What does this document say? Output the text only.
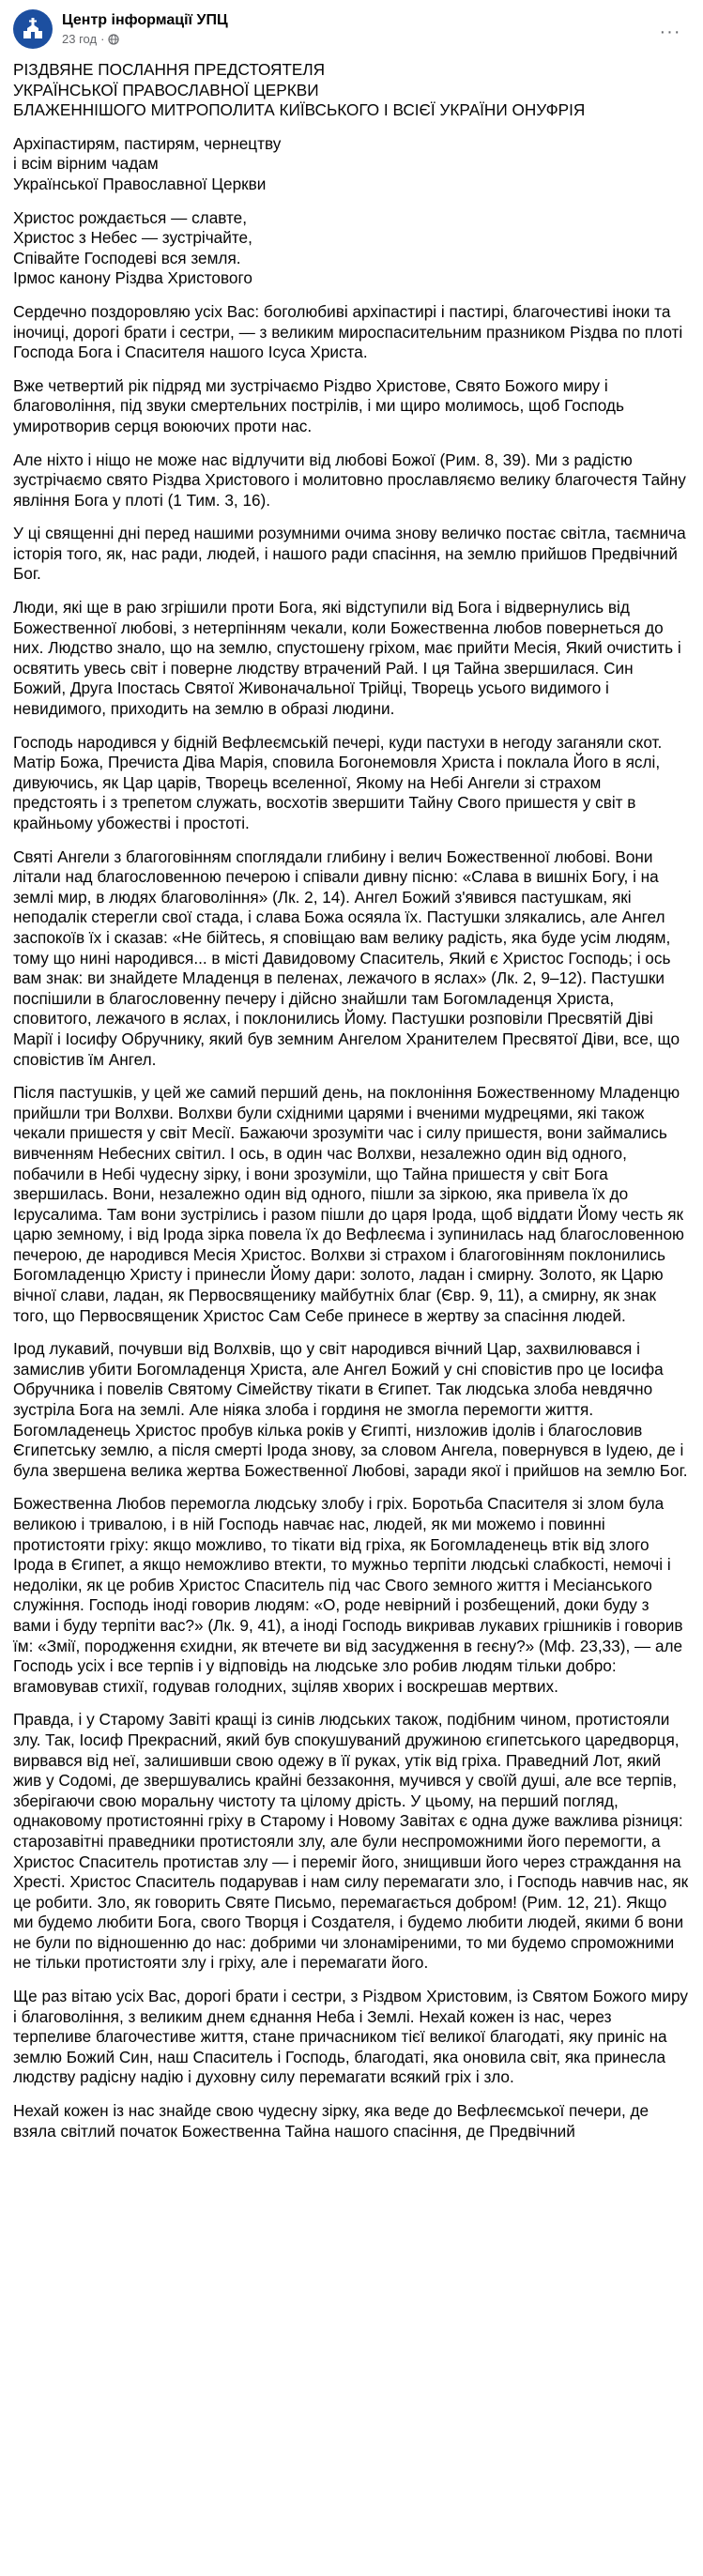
Центр інформації УПЦ
23 год ·	···

РІЗДВЯНЕ ПОСЛАННЯ ПРЕДСТОЯТЕЛЯ
УКРАЇНСЬКОЇ ПРАВОСЛАВНОЇ ЦЕРКВИ
БЛАЖЕННІШОГО МИТРОПОЛИТА КИЇВСЬКОГО І ВСІЄЇ УКРАЇНИ ОНУФРІЯ

Архіпастирям, пастирям, чернецтву
і всім вірним чадам
Української Православної Церкви

Христос рождається — славте,
Христос з Небес — зустрічайте,
Співайте Господеві вся земля.
Ірмос канону Різдва Христового

Сердечно поздоровляю усіх Вас: боголюбиві архіпастирі і пастирі, благочестиві іноки та іночиці, дорогі брати і сестри, — з великим мироспасительним празником Різдва по плоті Господа Бога і Спасителя нашого Ісуса Христа.

Вже четвертий рік підряд ми зустрічаємо Різдво Христове, Свято Божого миру і благовоління, під звуки смертельних пострілів, і ми щиро молимось, щоб Господь умиротворив серця воюючих проти нас.

Але ніхто і ніщо не може нас відлучити від любові Божої (Рим. 8, 39). Ми з радістю зустрічаємо свято Різдва Христового і молитовно прославляємо велику благочестя Тайну явління Бога у плоті (1 Тим. 3, 16).

У ці священні дні перед нашими розумними очима знову величко постає світла, таємнича історія того, як, нас ради, людей, і нашого ради спасіння, на землю прийшов Предвічний Бог.

Люди, які ще в раю згрішили проти Бога, які відступили від Бога і відвернулись від Божественної любові, з нетерпінням чекали, коли Божественна любов повернеться до них. Людство знало, що на землю, спустошену гріхом, має прийти Месія, Який очистить і освятить увесь світ і поверне людству втрачений Рай. І ця Тайна звершилася. Син Божий, Друга Іпостась Святої Живоначальної Трійці, Творець усього видимого і невидимого, приходить на землю в образі людини.

Господь народився у бідній Вефлеємській печері, куди пастухи в негоду заганяли скот. Матір Божа, Пречиста Діва Марія, сповила Богонемовля Христа і поклала Його в яслі, дивуючись, як Цар царів, Творець вселенної, Якому на Небі Ангели зі страхом предстоять і з трепетом служать, восхотів звершити Тайну Свого пришестя у світ в крайньому убожестві і простоті.

Святі Ангели з благоговінням споглядали глибину і велич Божественної любові. Вони літали над благословенною печерою і співали дивну пісню: «Слава в вишніх Богу, і на землі мир, в людях благовоління» (Лк. 2, 14). Ангел Божий з'явився пастушкам, які неподалік стерегли свої стада, і слава Божа осяяла їх. Пастушки злякались, але Ангел заспокоїв їх і сказав: «Не бійтесь, я сповіщаю вам велику радість, яка буде усім людям, тому що нині народився... в місті Давидовому Спаситель, Який є Христос Господь; і ось вам знак: ви знайдете Младенця в пеленах, лежачого в яслах» (Лк. 2, 9–12). Пастушки поспішили в благословенну печеру і дійсно знайшли там Богомладенця Христа, сповитого, лежачого в яслах, і поклонились Йому. Пастушки розповіли Пресвятій Діві Марії і Іосифу Обручнику, який був земним Ангелом Хранителем Пресвятої Діви, все, що сповістив їм Ангел.

Після пастушків, у цей же самий перший день, на поклоніння Божественному Младенцю прийшли три Волхви. Волхви були східними царями і вченими мудрецями, які також чекали пришестя у світ Месії. Бажаючи зрозуміти час і силу пришестя, вони займались вивченням Небесних світил. І ось, в один час Волхви, незалежно один від одного, побачили в Небі чудесну зірку, і вони зрозуміли, що Тайна пришестя у світ Бога звершилась. Вони, незалежно один від одного, пішли за зіркою, яка привела їх до Ієрусалима. Там вони зустрілись і разом пішли до царя Ірода, щоб віддати Йому честь як царю земному, і від Ірода зірка повела їх до Вефлеєма і зупинилась над благословенною печерою, де народився Месія Христос. Волхви зі страхом і благоговінням поклонились Богомладенцю Христу і принесли Йому дари: золото, ладан і смирну. Золото, як Царю вічної слави, ладан, як Первосвященику майбутніх благ (Євр. 9, 11), а смирну, як знак того, що Первосвященик Христос Сам Себе принесе в жертву за спасіння людей.

Ірод лукавий, почувши від Волхвів, що у світ народився вічний Цар, захвилювався і замислив убити Богомладенця Христа, але Ангел Божий у сні сповістив про це Іосифа Обручника і повелів Святому Сімейству тікати в Єгипет. Так людська злоба невдячно зустріла Бога на землі. Але ніяка злоба і гординя не змогла перемогти життя. Богомладенець Христос пробув кілька років у Єгипті, низложив ідолів і благословив Єгипетську землю, а після смерті Ірода знову, за словом Ангела, повернувся в Іудею, де і була звершена велика жертва Божественної Любові, заради якої і прийшов на землю Бог.

Божественна Любов перемогла людську злобу і гріх. Боротьба Спасителя зі злом була великою і тривалою, і в ній Господь навчає нас, людей, як ми можемо і повинні протистояти гріху: якщо можливо, то тікати від гріха, як Богомладенець втік від злого Ірода в Єгипет, а якщо неможливо втекти, то мужньо терпіти людські слабкості, немочі і недоліки, як це робив Христос Спаситель під час Свого земного життя і Месіанського служіння. Господь іноді говорив людям: «О, роде невірний і розбещений, доки буду з вами і буду терпіти вас?» (Лк. 9, 41), а іноді Господь викривав лукавих грішників і говорив їм: «Змії, породження єхидни, як втечете ви від засудження в геєну?» (Мф. 23,33), — але Господь усіх і все терпів і у відповідь на людське зло робив людям тільки добро: вгамовував стихії, годував голодних, зціляв хворих і воскрешав мертвих.

Правда, і у Старому Завіті кращі із синів людських також, подібним чином, протистояли злу. Так, Іосиф Прекрасний, який був спокушуваний дружиною єгипетського царедворця, вирвався від неї, залишивши свою одежу в її руках, утік від гріха. Праведний Лот, який жив у Содомі, де звершувались крайні беззаконня, мучився у своїй душі, але все терпів, зберігаючи свою моральну чистоту та цілому дрість. У цьому, на перший погляд, однаковому протистоянні гріху в Старому і Новому Завітах є одна дуже важлива різниця: старозавітні праведники протистояли злу, але були неспроможними його перемогти, а Христос Спаситель протистав злу — і переміг його, знищивши його через страждання на Хресті. Христос Спаситель подарував і нам силу перемагати зло, і Господь навчив нас, як це робити. Зло, як говорить Святе Письмо, перемагається добром! (Рим. 12, 21). Якщо ми будемо любити Бога, свого Творця і Создателя, і будемо любити людей, якими б вони не були по відношенню до нас: добрими чи злонамiреними, то ми будемо спроможними не тільки протистояти злу і гріху, але і перемагати його.

Ще раз вітаю усіх Вас, дорогі брати і сестри, з Різдвом Христовим, із Святом Божого миру і благовоління, з великим днем єднання Неба і Землі. Нехай кожен із нас, через терпеливе благочестиве життя, стане причасником тієї великої благодаті, яку приніс на землю Божий Син, наш Спаситель і Господь, благодаті, яка оновила світ, яка принесла людству радісну надію і духовну силу перемагати всякий гріх і зло.

Нехай кожен із нас знайде свою чудесну зірку, яка веде до Вефлеємської печери, де взяла світлий початок Божественна Тайна нашого спасіння, де Предвічний
